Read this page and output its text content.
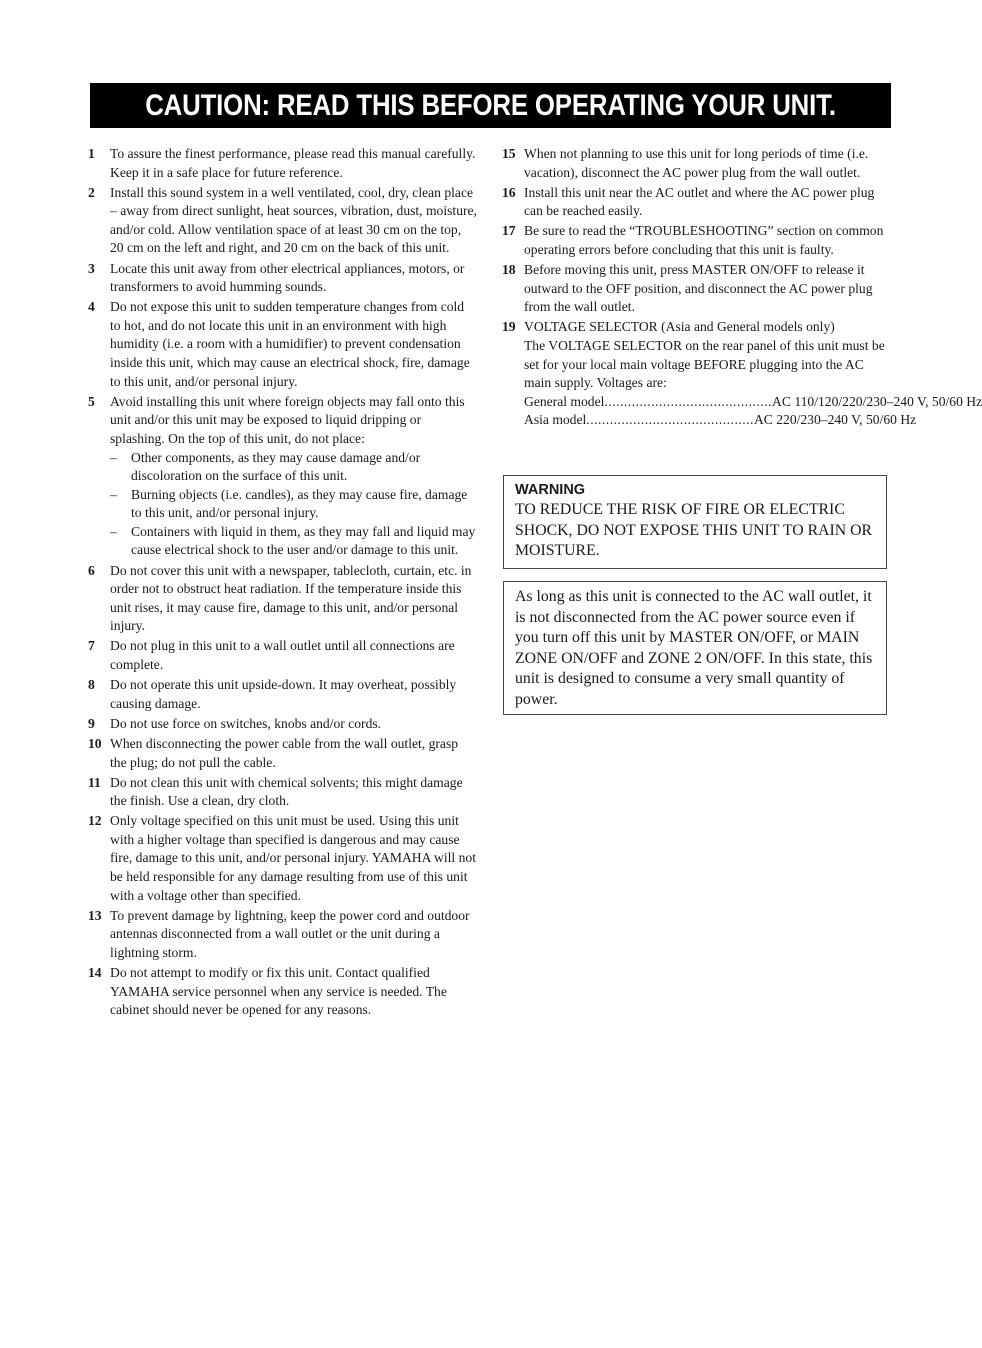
CAUTION: READ THIS BEFORE OPERATING YOUR UNIT.
1	To assure the finest performance, please read this manual carefully. Keep it in a safe place for future reference.
2	Install this sound system in a well ventilated, cool, dry, clean place – away from direct sunlight, heat sources, vibration, dust, moisture, and/or cold. Allow ventilation space of at least 30 cm on the top, 20 cm on the left and right, and 20 cm on the back of this unit.
3	Locate this unit away from other electrical appliances, motors, or transformers to avoid humming sounds.
4	Do not expose this unit to sudden temperature changes from cold to hot, and do not locate this unit in an environment with high humidity (i.e. a room with a humidifier) to prevent condensation inside this unit, which may cause an electrical shock, fire, damage to this unit, and/or personal injury.
5	Avoid installing this unit where foreign objects may fall onto this unit and/or this unit may be exposed to liquid dripping or splashing. On the top of this unit, do not place:
– Other components, as they may cause damage and/or discoloration on the surface of this unit.
– Burning objects (i.e. candles), as they may cause fire, damage to this unit, and/or personal injury.
– Containers with liquid in them, as they may fall and liquid may cause electrical shock to the user and/or damage to this unit.
6	Do not cover this unit with a newspaper, tablecloth, curtain, etc. in order not to obstruct heat radiation. If the temperature inside this unit rises, it may cause fire, damage to this unit, and/or personal injury.
7	Do not plug in this unit to a wall outlet until all connections are complete.
8	Do not operate this unit upside-down. It may overheat, possibly causing damage.
9	Do not use force on switches, knobs and/or cords.
10 When disconnecting the power cable from the wall outlet, grasp the plug; do not pull the cable.
11 Do not clean this unit with chemical solvents; this might damage the finish. Use a clean, dry cloth.
12 Only voltage specified on this unit must be used. Using this unit with a higher voltage than specified is dangerous and may cause fire, damage to this unit, and/or personal injury. YAMAHA will not be held responsible for any damage resulting from use of this unit with a voltage other than specified.
13 To prevent damage by lightning, keep the power cord and outdoor antennas disconnected from a wall outlet or the unit during a lightning storm.
14 Do not attempt to modify or fix this unit. Contact qualified YAMAHA service personnel when any service is needed. The cabinet should never be opened for any reasons.
15 When not planning to use this unit for long periods of time (i.e. vacation), disconnect the AC power plug from the wall outlet.
16 Install this unit near the AC outlet and where the AC power plug can be reached easily.
17 Be sure to read the “TROUBLESHOOTING” section on common operating errors before concluding that this unit is faulty.
18 Before moving this unit, press MASTER ON/OFF to release it outward to the OFF position, and disconnect the AC power plug from the wall outlet.
19 VOLTAGE SELECTOR (Asia and General models only)
The VOLTAGE SELECTOR on the rear panel of this unit must be set for your local main voltage BEFORE plugging into the AC main supply. Voltages are:
General model ........................................... AC 110/120/220/230–240 V, 50/60 Hz
Asia model ........................................... AC 220/230–240 V, 50/60 Hz
WARNING
TO REDUCE THE RISK OF FIRE OR ELECTRIC SHOCK, DO NOT EXPOSE THIS UNIT TO RAIN OR MOISTURE.
As long as this unit is connected to the AC wall outlet, it is not disconnected from the AC power source even if you turn off this unit by MASTER ON/OFF, or MAIN ZONE ON/OFF and ZONE 2 ON/OFF. In this state, this unit is designed to consume a very small quantity of power.
